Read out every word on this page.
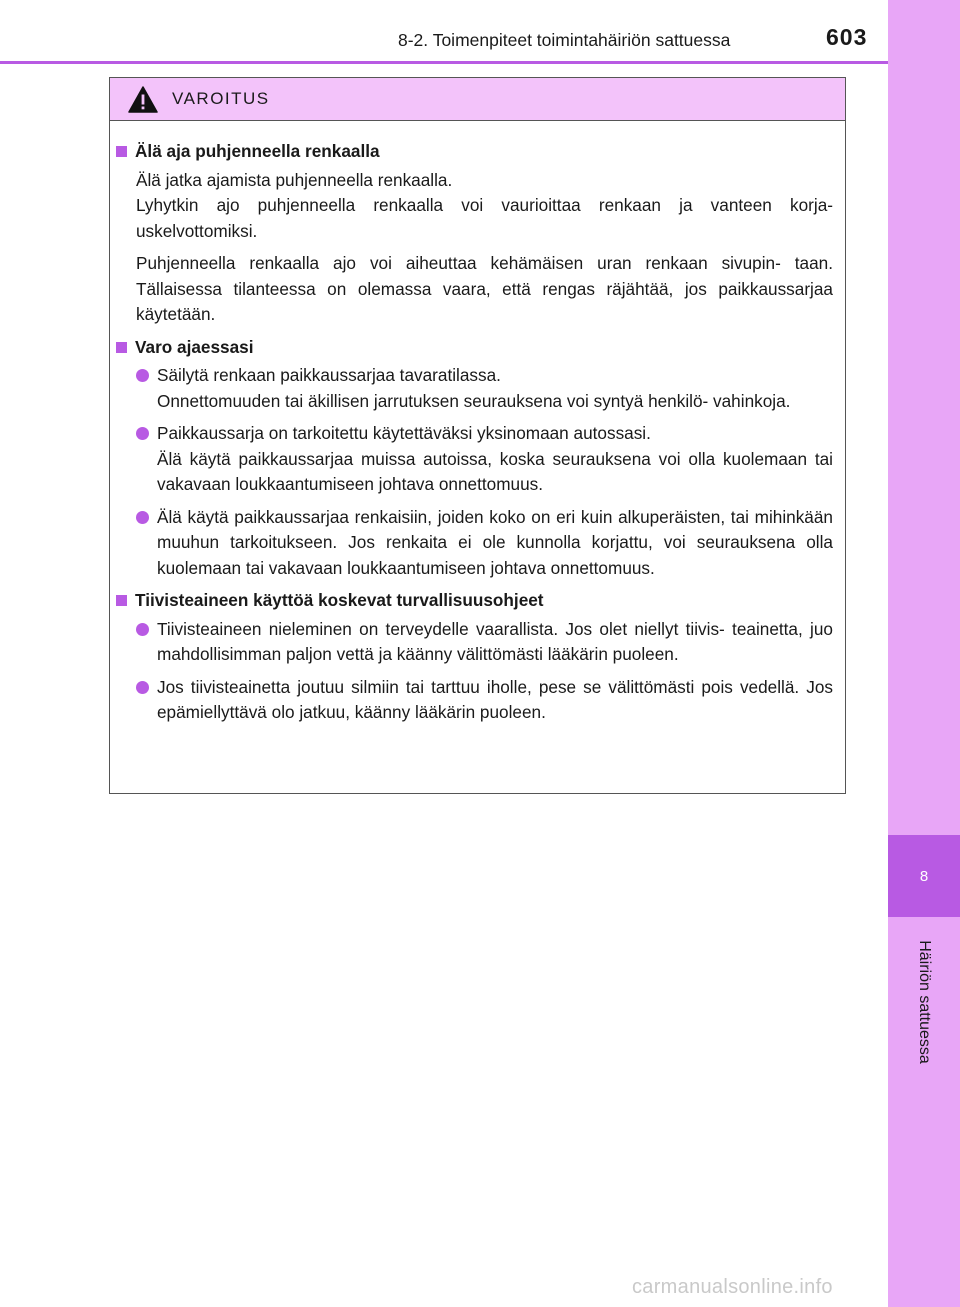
8
Häiriön sattuessa
8-2. Toimenpiteet toimintahäiriön sattuessa	603
VAROITUS
Älä aja puhjenneella renkaalla
Älä jatka ajamista puhjenneella renkaalla.
Lyhytkin ajo puhjenneella renkaalla voi vaurioittaa renkaan ja vanteen korja- uskelvottomiksi.
Puhjenneella renkaalla ajo voi aiheuttaa kehämäisen uran renkaan sivupin- taan. Tällaisessa tilanteessa on olemassa vaara, että rengas räjähtää, jos paikkaussarjaa käytetään.
Varo ajaessasi
Säilytä renkaan paikkaussarjaa tavaratilassa.
Onnettomuuden tai äkillisen jarrutuksen seurauksena voi syntyä henkilö- vahinkoja.
Paikkaussarja on tarkoitettu käytettäväksi yksinomaan autossasi.
Älä käytä paikkaussarjaa muissa autoissa, koska seurauksena voi olla kuolemaan tai vakavaan loukkaantumiseen johtava onnettomuus.
Älä käytä paikkaussarjaa renkaisiin, joiden koko on eri kuin alkuperäisten, tai mihinkään muuhun tarkoitukseen. Jos renkaita ei ole kunnolla korjattu, voi seurauksena olla kuolemaan tai vakavaan loukkaantumiseen johtava onnettomuus.
Tiivisteaineen käyttöä koskevat turvallisuusohjeet
Tiivisteaineen nieleminen on terveydelle vaarallista. Jos olet niellyt tiivis- teainetta, juo mahdollisimman paljon vettä ja käänny välittömästi lääkärin puoleen.
Jos tiivisteainetta joutuu silmiin tai tarttuu iholle, pese se välittömästi pois vedellä. Jos epämiellyttävä olo jatkuu, käänny lääkärin puoleen.
carmanualsonline.info
